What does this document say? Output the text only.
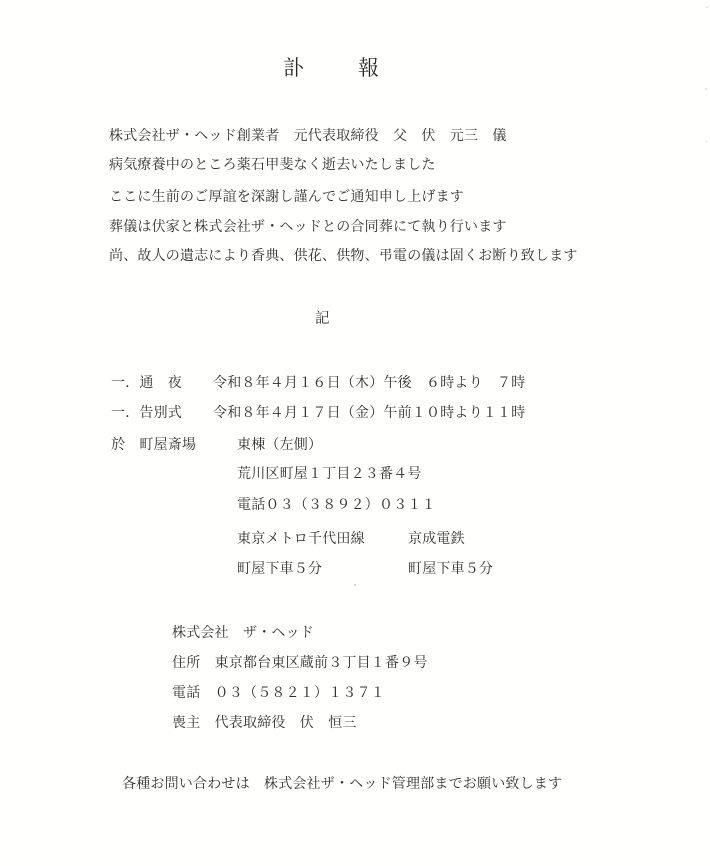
訃	報

株式会社ザ・ヘッド創業者　元代表取締役　父　伏　元三　儀

病気療養中のところ薬石甲斐なく逝去いたしました

ここに生前のご厚誼を深謝し謹んでご通知申し上げます

葬儀は伏家と株式会社ザ・ヘッドとの合同葬にて執り行います

尚、故人の遺志により香典、供花、供物、弔電の儀は固くお断り致します

記

一．通　夜 令和８年４月１６日（木）午後　６時より　７時

一．告別式 令和８年４月１７日（金）午前１０時より１１時

於　町屋斎場	東棟（左側）

荒川区町屋１丁目２３番４号

電話０３（３８９２）０３１１

東京メトロ千代田線	京成電鉄

町屋下車５分	町屋下車５分

株式会社　ザ・ヘッド

住所　東京都台東区蔵前３丁目１番９号

電話　０３（５８２１）１３７１

喪主　代表取締役　伏　恒三

各種お問い合わせは　株式会社ザ・ヘッド管理部までお願い致します
